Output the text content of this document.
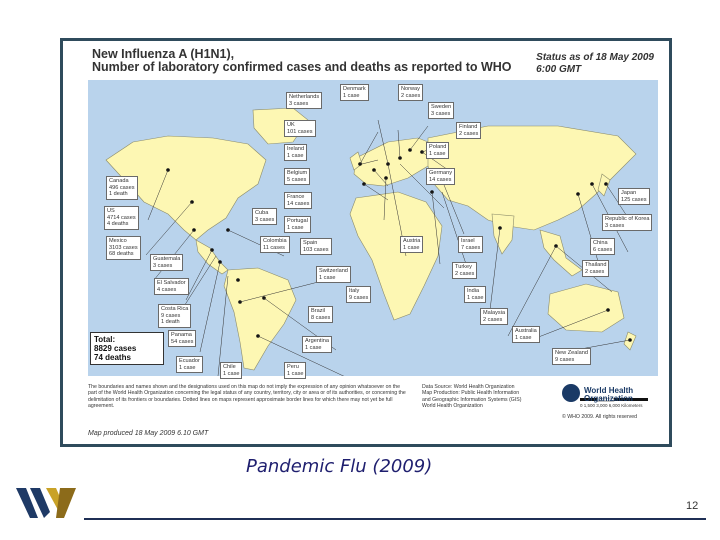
New Influenza A (H1N1),
Number of laboratory confirmed cases and deaths as reported to WHO
Status as of 18 May 2009
6:00 GMT
Canada
496 cases
1 death
US
4714 cases
4 deaths
Mexico
3103 cases
68 deaths
Guatemala
3 cases
El Salvador
4 cases
Costa Rica
9 cases
1 death
Panama
54 cases
Ecuador
1 case	Chile
1 case
Peru
1 case
Colombia
11 cases
Cuba
3 cases
Brazil
8 cases
Argentina
1 case
Netherlands
3 cases
UK
101 cases
Ireland
1 case
Belgium
5 cases
France
14 cases
Portugal
1 case
Spain
103 cases
Switzerland
1 case
Italy
9 cases
Denmark
1 case
Norway
2 cases
Sweden
3 cases
Finland
2 cases
Poland
1 case
Germany
14 cases
Austria
1 case
Israel
7 cases
Turkey
2 cases
India
1 case
Malaysia
2 cases
Japan
125 cases
Republic of Korea
3 cases
China
6 cases
Thailand
2 cases
Australia
1 case
New Zealand
9 cases
Total:
8829 cases
74 deaths
0 1,500 3,000 6,000 Kilometers
The boundaries and names shown and the designations used on this map do not imply the expression of any opinion whatsoever on the part of the World Health Organization concerning the legal status of any country, territory, city or area or of its authorities, or concerning the delimitation of its frontiers or boundaries. Dotted lines on maps represent approximate border lines for which there may not yet be full agreement.
Data Source: World Health Organization
Map Production: Public Health Information
and Geographic Information Systems (GIS)
World Health Organization
World Health
Organization
© WHO 2009. All rights reserved
Map produced 18 May 2009 6.10 GMT
Pandemic Flu (2009)
12
